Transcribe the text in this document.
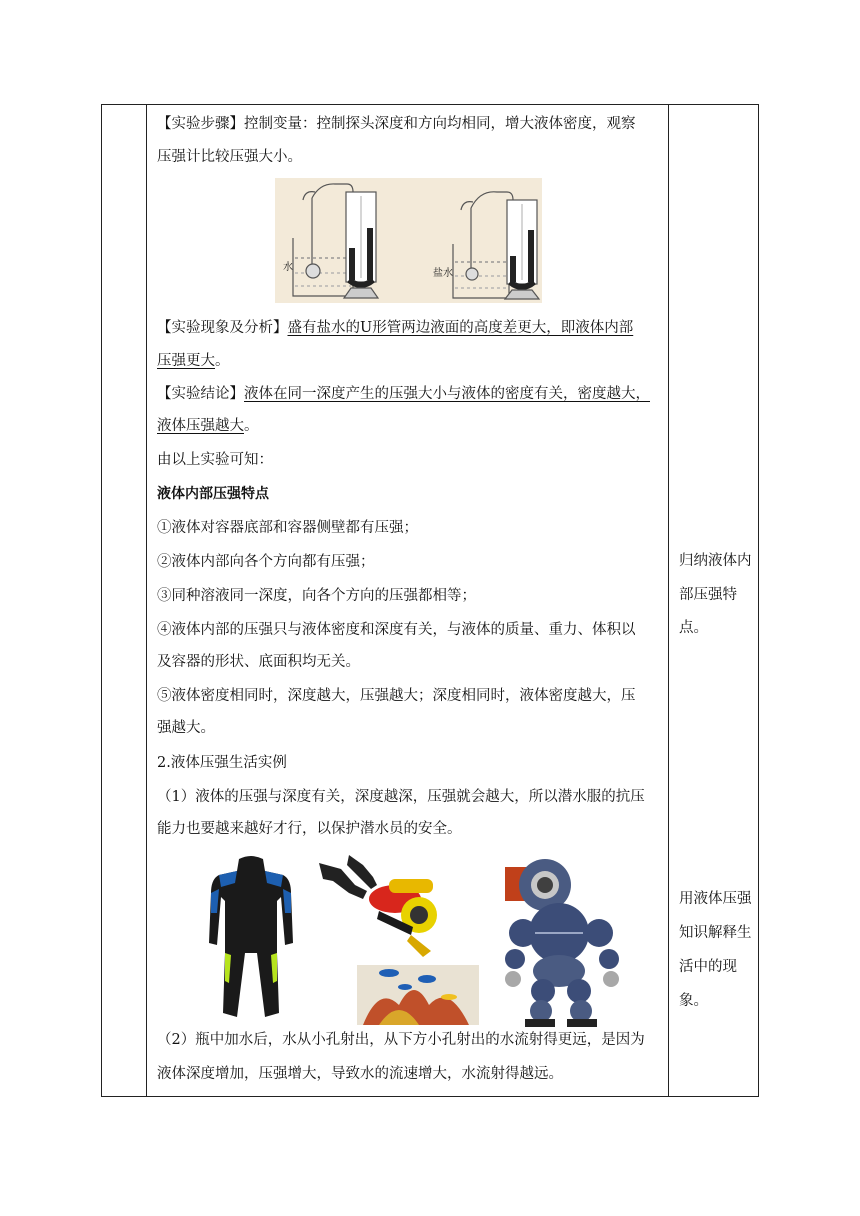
【实验步骤】控制变量：控制探头深度和方向均相同，增大液体密度，观察
压强计比较压强大小。
水
盐水
【实验现象及分析】盛有盐水的U形管两边液面的高度差更大，即液体内部
压强更大。
【实验结论】液体在同一深度产生的压强大小与液体的密度有关，密度越大，
液体压强越大。
由以上实验可知：
液体内部压强特点
①液体对容器底部和容器侧壁都有压强；
②液体内部向各个方向都有压强；
③同种溶液同一深度，向各个方向的压强都相等；
④液体内部的压强只与液体密度和深度有关，与液体的质量、重力、体积以
及容器的形状、底面积均无关。
⑤液体密度相同时，深度越大，压强越大；深度相同时，液体密度越大，压
强越大。
2.液体压强生活实例
（1）液体的压强与深度有关，深度越深，压强就会越大，所以潜水服的抗压
能力也要越来越好才行，以保护潜水员的安全。
（2）瓶中加水后，水从小孔射出，从下方小孔射出的水流射得更远，是因为
液体深度增加，压强增大，导致水的流速增大，水流射得越远。
归纳液体内
部压强特
点。
用液体压强
知识解释生
活中的现
象。
